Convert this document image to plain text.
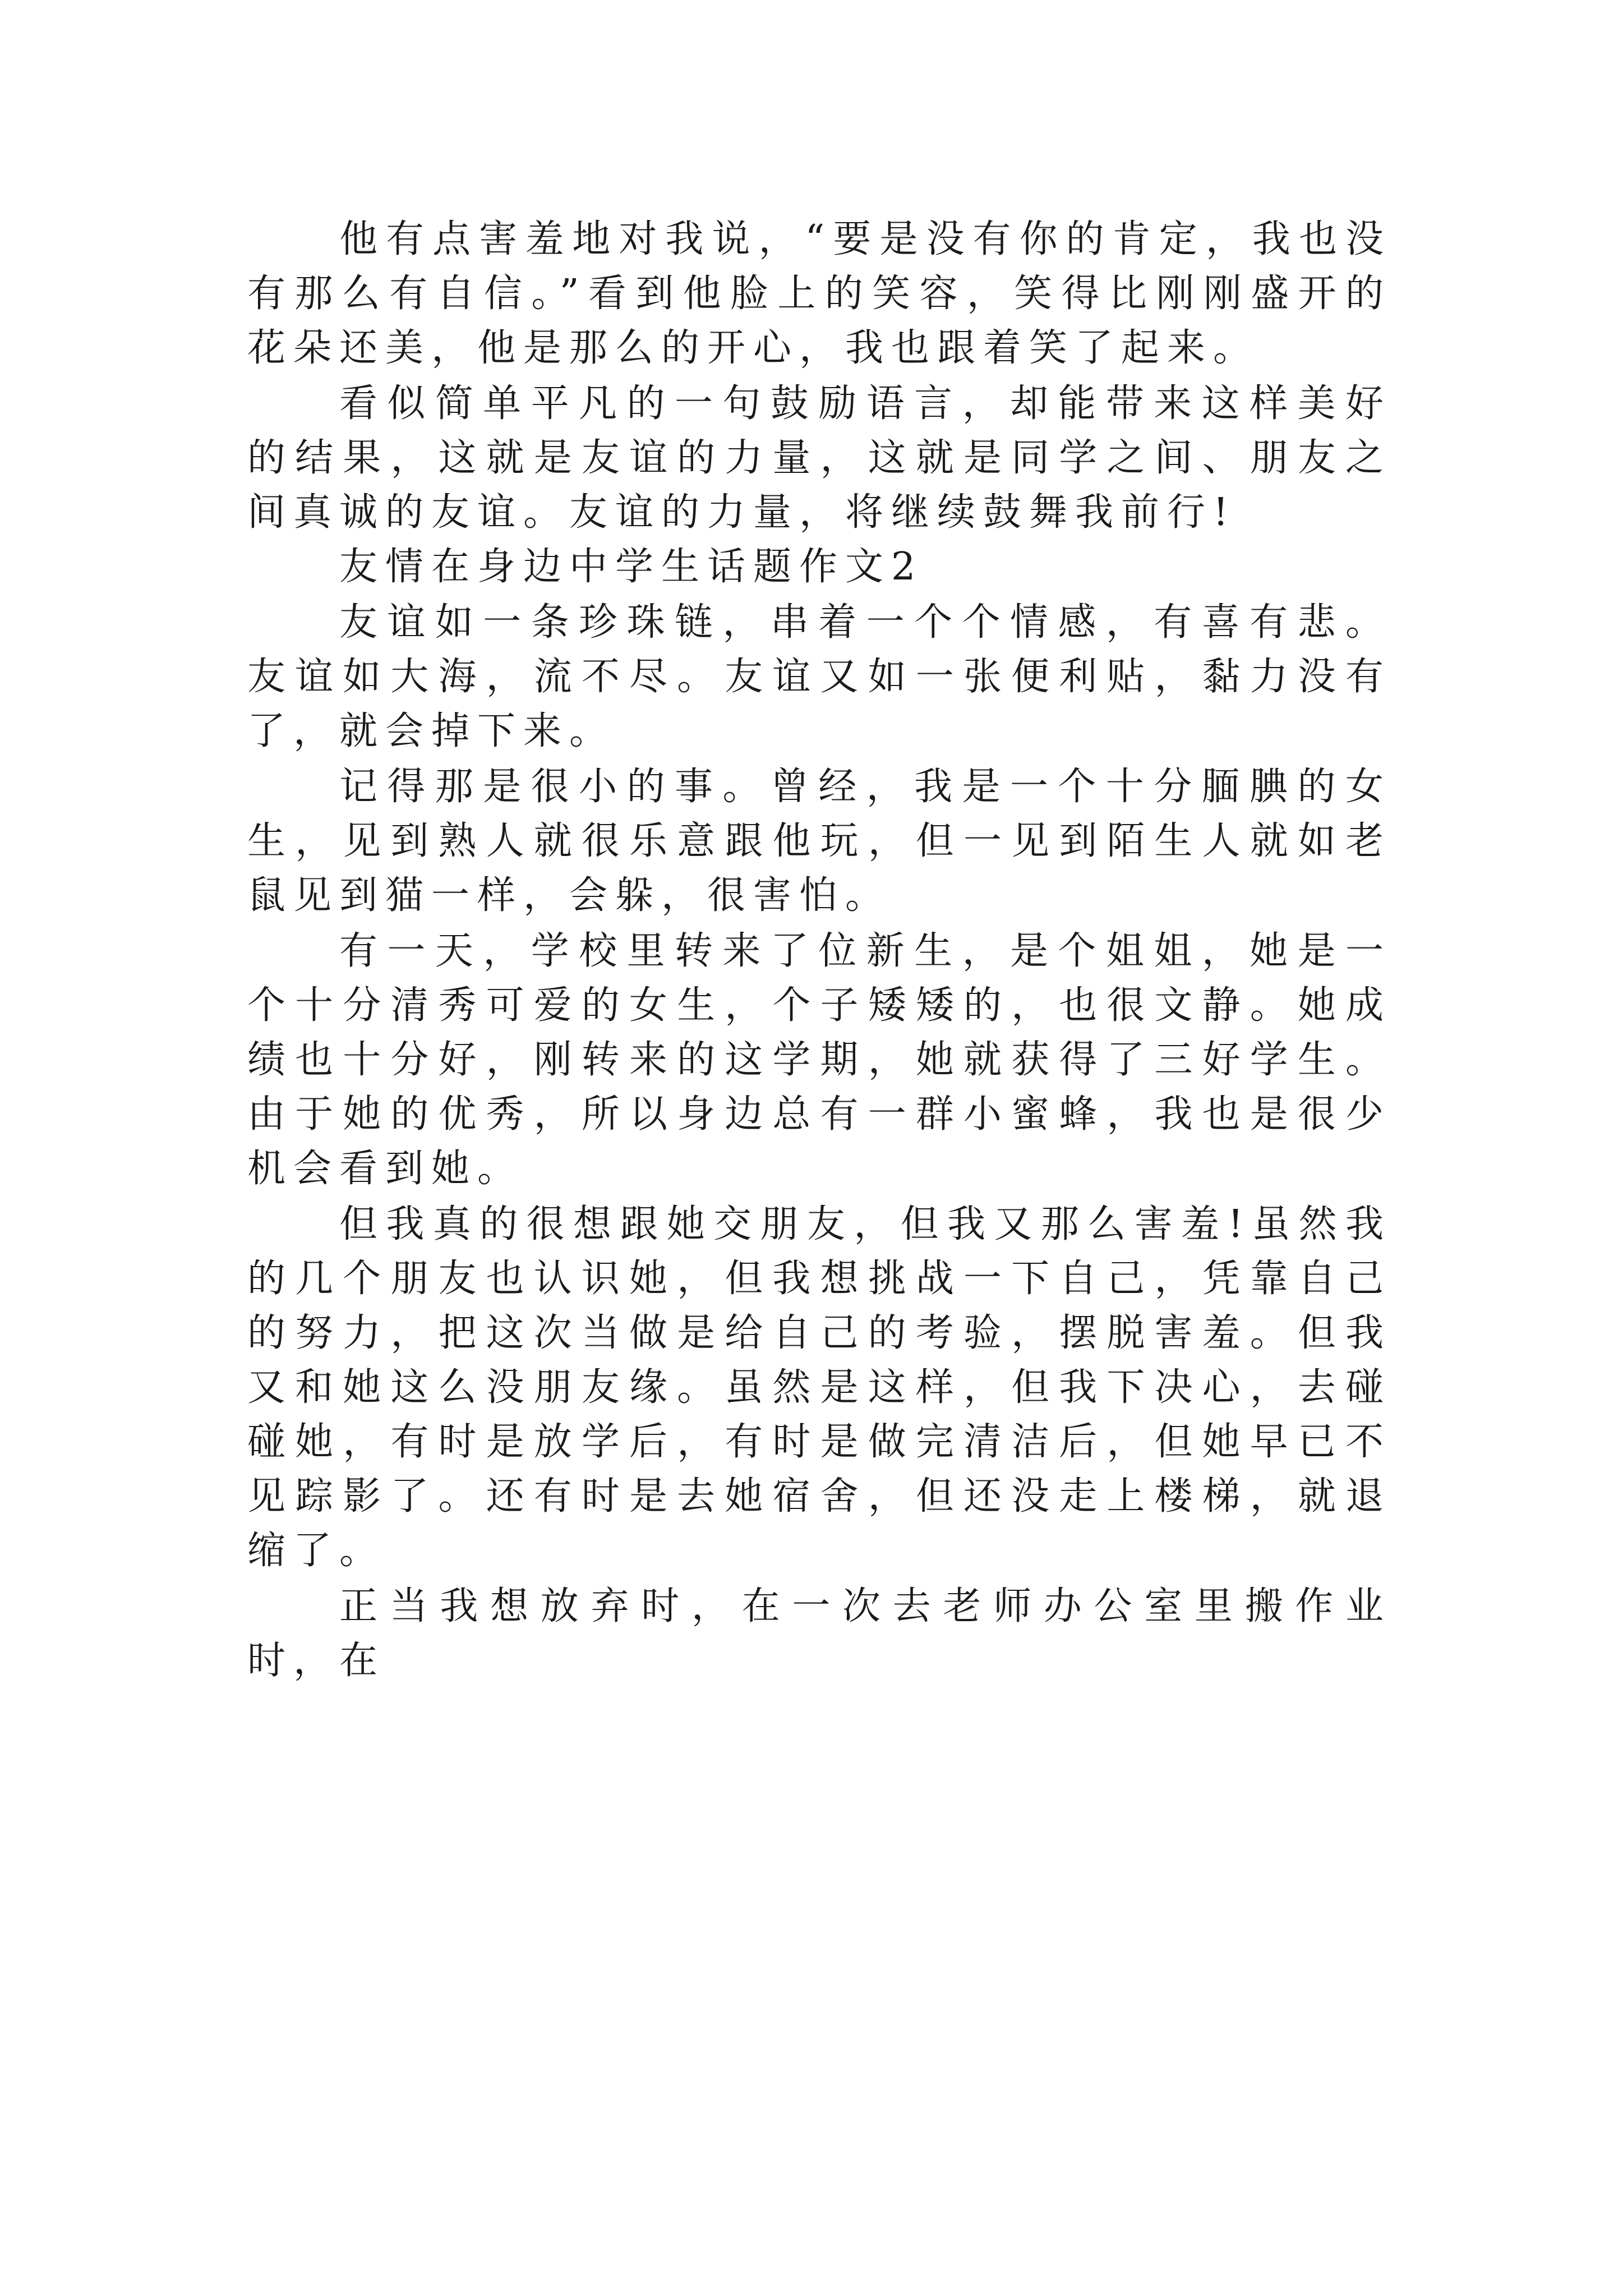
他有点害羞地对我说，“要是没有你的肯定，我也没有那么有自信。”看到他脸上的笑容，笑得比刚刚盛开的花朵还美，他是那么的开心，我也跟着笑了起来。

看似简单平凡的一句鼓励语言，却能带来这样美好的结果，这就是友谊的力量，这就是同学之间、朋友之间真诚的友谊。友谊的力量，将继续鼓舞我前行!

友情在身边中学生话题作文2

友谊如一条珍珠链，串着一个个情感，有喜有悲。友谊如大海，流不尽。友谊又如一张便利贴，黏力没有了，就会掉下来。

记得那是很小的事。曾经，我是一个十分腼腆的女生，见到熟人就很乐意跟他玩，但一见到陌生人就如老鼠见到猫一样，会躲，很害怕。

有一天，学校里转来了位新生，是个姐姐，她是一个十分清秀可爱的女生，个子矮矮的，也很文静。她成绩也十分好，刚转来的这学期，她就获得了三好学生。由于她的优秀，所以身边总有一群小蜜蜂，我也是很少机会看到她。

但我真的很想跟她交朋友，但我又那么害羞!虽然我的几个朋友也认识她，但我想挑战一下自己，凭靠自己的努力，把这次当做是给自己的考验，摆脱害羞。但我又和她这么没朋友缘。虽然是这样，但我下决心，去碰碰她，有时是放学后，有时是做完清洁后，但她早已不见踪影了。还有时是去她宿舍，但还没走上楼梯，就退缩了。

正当我想放弃时，在一次去老师办公室里搬作业时，在
